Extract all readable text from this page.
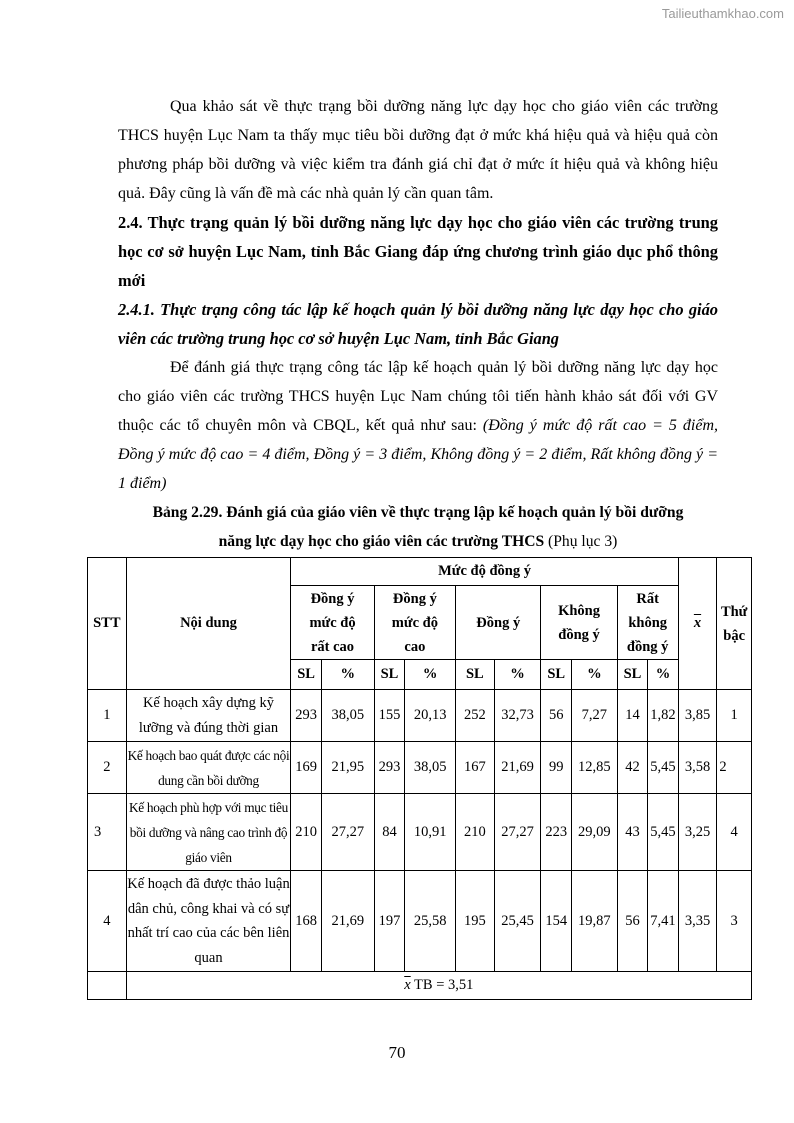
Tailieuthamkhao.com

Qua khảo sát về thực trạng bồi dưỡng năng lực dạy học cho giáo viên các trường THCS huyện Lục Nam ta thấy mục tiêu bồi dưỡng đạt ở mức khá hiệu quả và hiệu quả còn phương pháp bồi dưỡng và việc kiểm tra đánh giá chỉ đạt ở mức ít hiệu quả và không hiệu quả. Đây cũng là vấn đề mà các nhà quản lý cần quan tâm.

2.4. Thực trạng quản lý bồi dưỡng năng lực dạy học cho giáo viên các trường trung học cơ sở huyện Lục Nam, tỉnh Bắc Giang đáp ứng chương trình giáo dục phổ thông mới

2.4.1. Thực trạng công tác lập kế hoạch quản lý bồi dưỡng năng lực dạy học cho giáo viên các trường trung học cơ sở huyện Lục Nam, tỉnh Bắc Giang

Để đánh giá thực trạng công tác lập kế hoạch quản lý bồi dưỡng năng lực dạy học cho giáo viên các trường THCS huyện Lục Nam chúng tôi tiến hành khảo sát đối với GV thuộc các tổ chuyên môn và CBQL, kết quả như sau: (Đồng ý mức độ rất cao = 5 điểm, Đồng ý mức độ cao = 4 điểm, Đồng ý = 3 điểm, Không đồng ý = 2 điểm, Rất không đồng ý = 1 điểm)

Bảng 2.29. Đánh giá của giáo viên về thực trạng lập kế hoạch quản lý bồi dưỡng
năng lực dạy học cho giáo viên các trường THCS (Phụ lục 3)
STT	Nội dung	Mức độ đồng ý										$\overline{x}$	Thứ
bậc
		Đồng ý
mức độ
rất cao		Đồng ý
mức độ
cao		Đồng ý		Không
đồng ý		Rất
không
đồng ý			
		SL	%	SL	%	SL	%	SL	%	SL	%		
1	Kế hoạch xây dựng kỹ lưỡng và đúng thời gian	293	38,05	155	20,13	252	32,73	56	7,27	14	1,82	3,85	1
2	Kế hoạch bao quát được các nội dung cần bồi dưỡng	169	21,95	293	38,05	167	21,69	99	12,85	42	5,45	3,58	2
3	Kế hoạch phù hợp với mục tiêu bồi dưỡng và nâng cao trình độ giáo viên	210	27,27	84	10,91	210	27,27	223	29,09	43	5,45	3,25	4
4	Kế hoạch đã được thảo luận dân chủ, công khai và có sự nhất trí cao của các bên liên quan	168	21,69	197	25,58	195	25,45	154	19,87	56	7,41	3,35	3
	$\overline{x}$ TB = 3,51												
70
